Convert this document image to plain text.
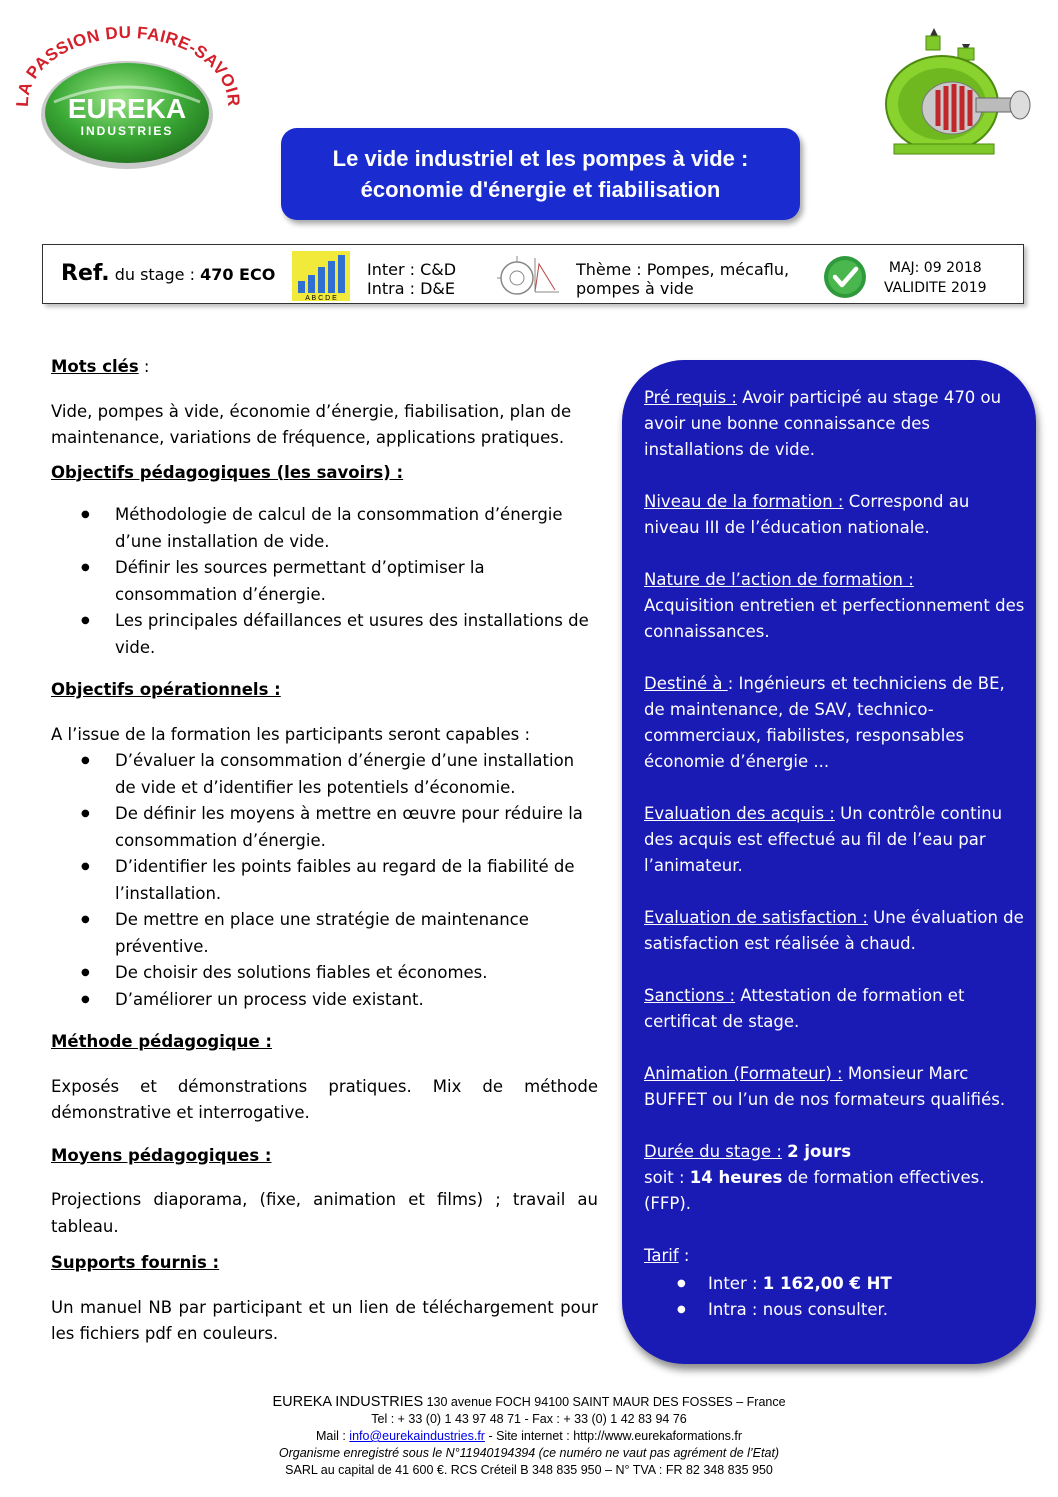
LA PASSION DU FAIRE-SAVOI
EUREKA
INDUSTRIES
Le vide industriel et les pompes à vide :
économie d'énergie et fiabilisation
Ref. du stage : 470 ECO
A B C D E
Inter : C&D
Intra : D&E
Thème : Pompes, mécaflu,
pompes à vide
MAJ: 09 2018
VALIDITE 2019

Mots clés :

Vide, pompes à vide, économie d’énergie, fiabilisation, plan de maintenance, variations de fréquence, applications pratiques.

Objectifs pédagogiques (les savoirs) :
● Méthodologie de calcul de la consommation d’énergie d’une installation de vide.
● Définir les sources permettant d’optimiser la consommation d’énergie.
● Les principales défaillances et usures des installations de vide.
Objectifs opérationnels :

A l’issue de la formation les participants seront capables :

● D’évaluer la consommation d’énergie d’une installation de vide et d’identifier les potentiels d’économie.
● De définir les moyens à mettre en œuvre pour réduire la consommation d’énergie.
● D’identifier les points faibles au regard de la fiabilité de l’installation.
● De mettre en place une stratégie de maintenance préventive.
● De choisir des solutions fiables et économes.
● D’améliorer un process vide existant.
Méthode pédagogique :

Exposés et démonstrations pratiques. Mix de méthode démonstrative et interrogative.

Moyens pédagogiques :

Projections diaporama, (fixe, animation et films) ; travail au tableau.

Supports fournis :

Un manuel NB par participant et un lien de téléchargement pour les fichiers pdf en couleurs.

Pré requis : Avoir participé au stage 470 ou avoir une bonne connaissance des installations de vide.

Niveau de la formation : Correspond au niveau III de l’éducation nationale.

Nature de l’action de formation :
Acquisition entretien et perfectionnement des connaissances.

Destiné à : Ingénieurs et techniciens de BE, de maintenance, de SAV, technico-commerciaux, fiabilistes, responsables économie d’énergie ...

Evaluation des acquis : Un contrôle continu des acquis est effectué au fil de l’eau par l’animateur.

Evaluation de satisfaction : Une évaluation de satisfaction est réalisée à chaud.

Sanctions : Attestation de formation et certificat de stage.

Animation (Formateur) : Monsieur Marc BUFFET ou l’un de nos formateurs qualifiés.

Durée du stage : 2 jours
soit : 14 heures de formation effectives. (FFP).

Tarif :
● Inter : 1 162,00 € HT
● Intra : nous consulter.
EUREKA INDUSTRIES 130 avenue FOCH 94100 SAINT MAUR DES FOSSES – France
Tel : + 33 (0) 1 43 97 48 71 - Fax : + 33 (0) 1 42 83 94 76
Mail : info@eurekaindustries.fr - Site internet : http://www.eurekaformations.fr
Organisme enregistré sous le N°11940194394 (ce numéro ne vaut pas agrément de l’Etat)
SARL au capital de 41 600 €. RCS Créteil B 348 835 950 – N° TVA : FR 82 348 835 950
